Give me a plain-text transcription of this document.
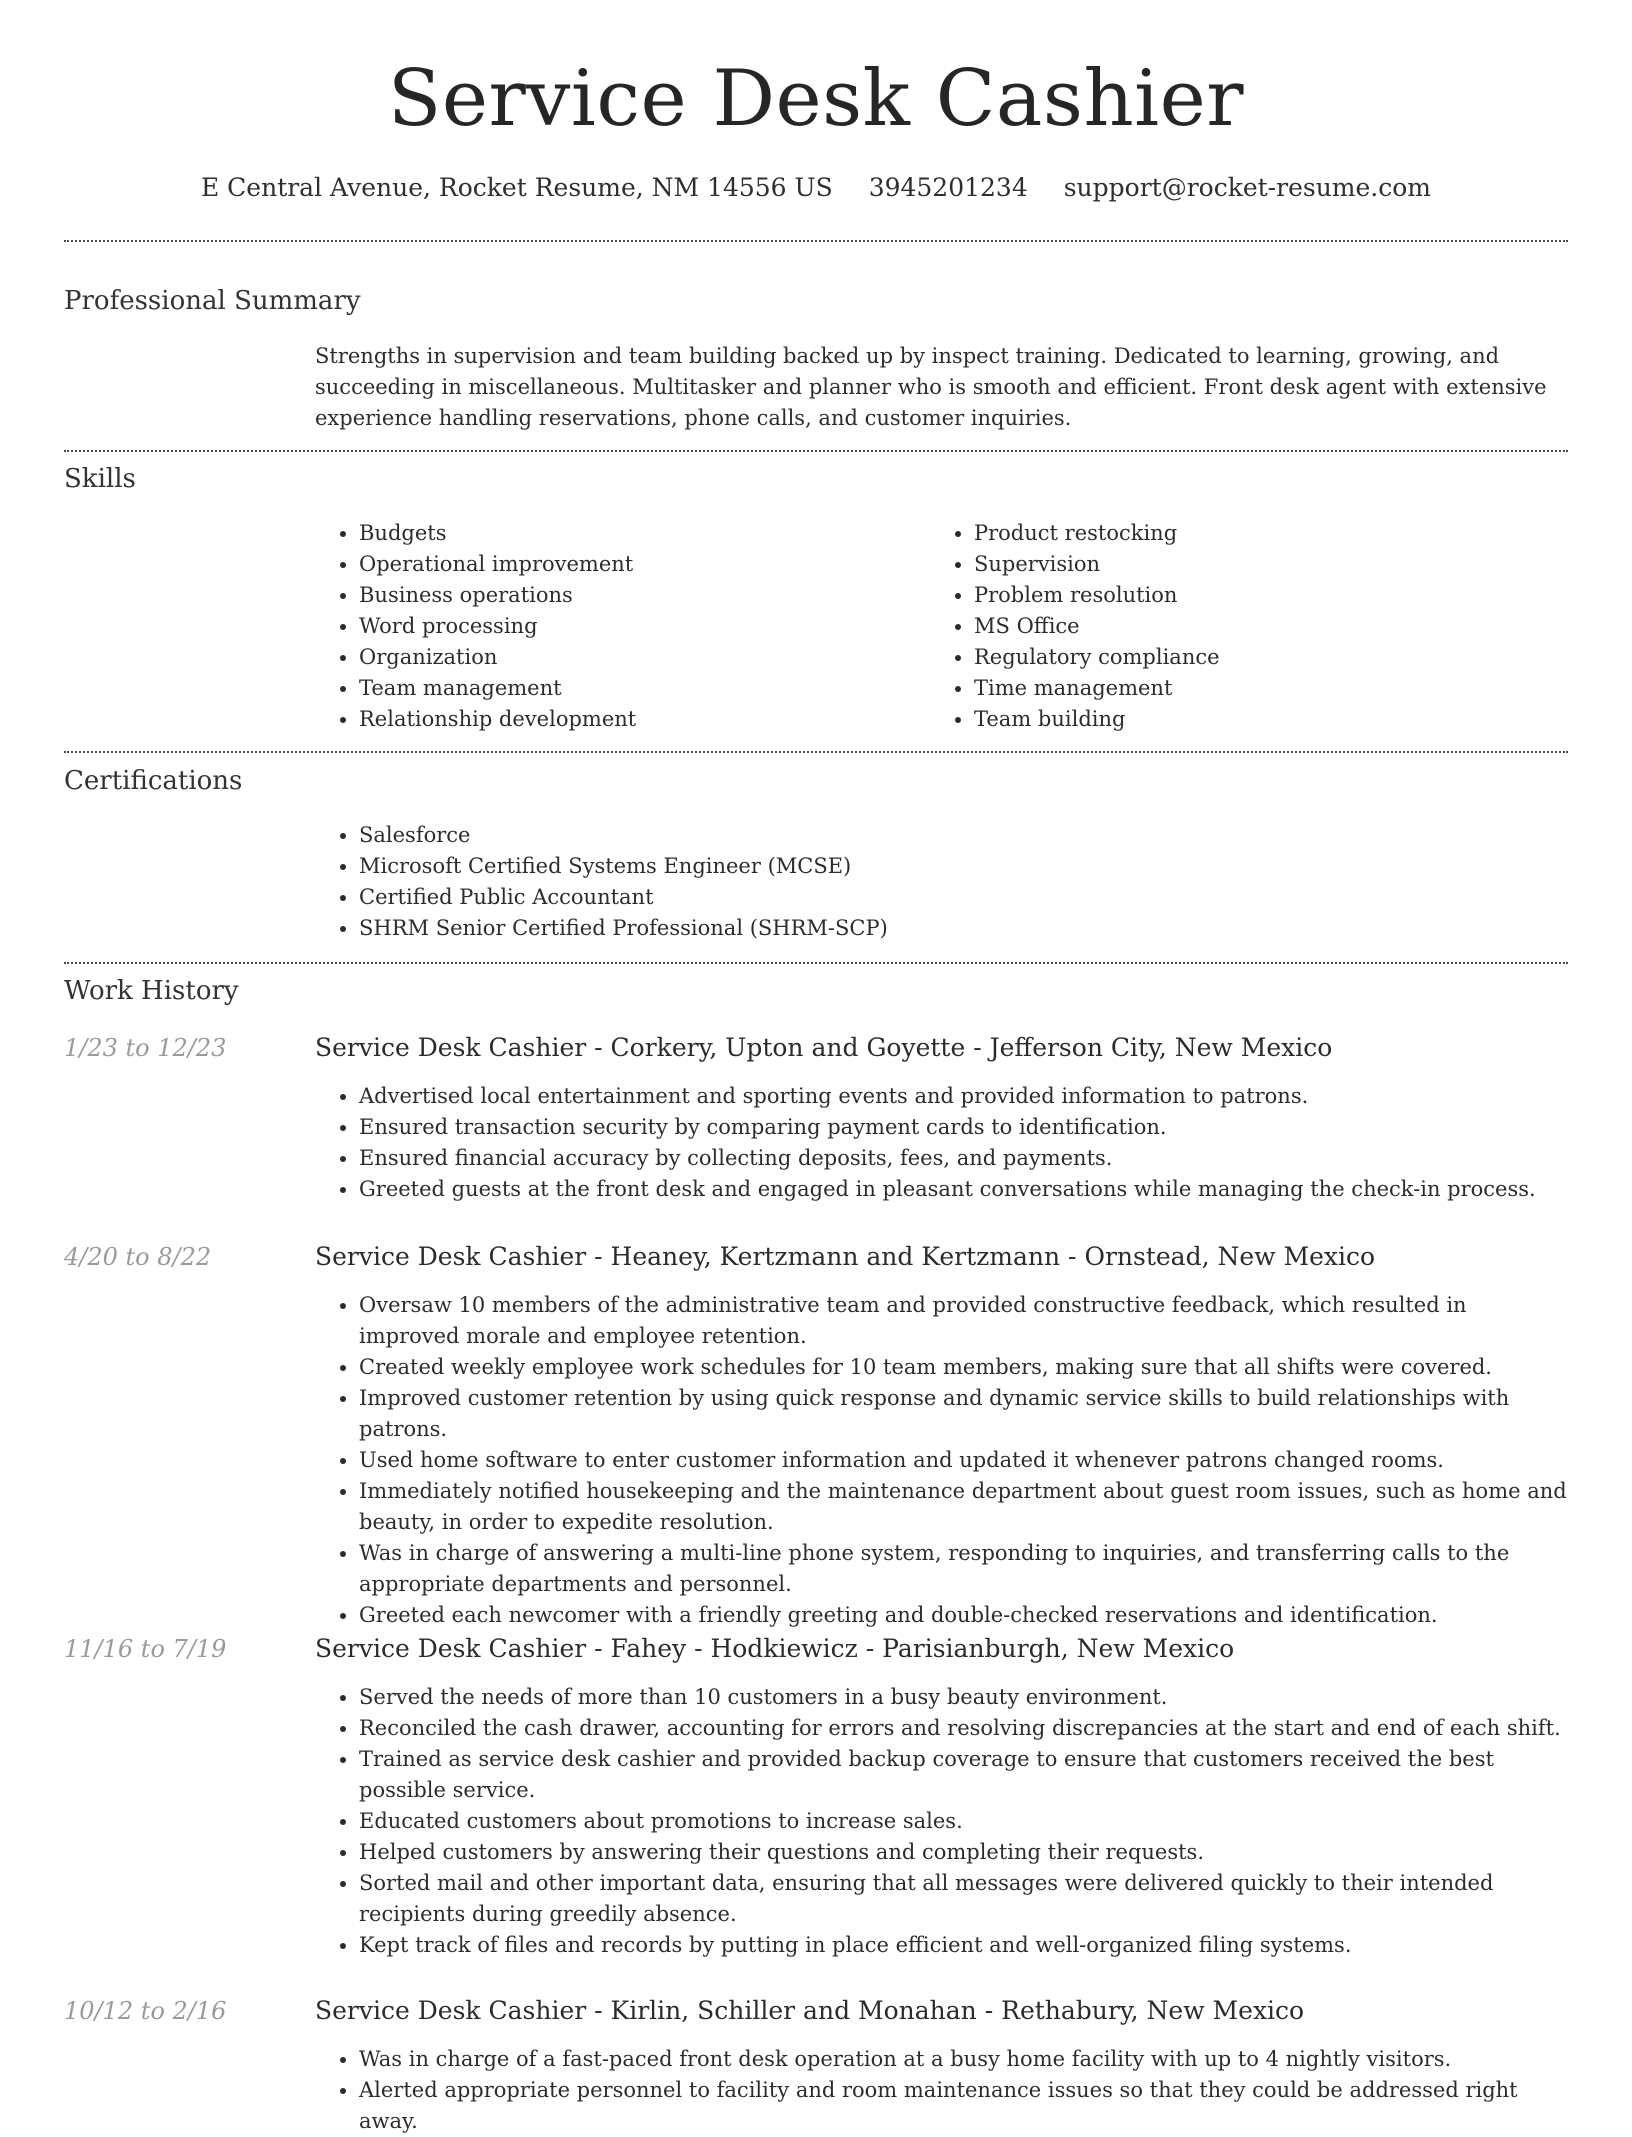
Service Desk Cashier
E Central Avenue, Rocket Resume, NM 14556 US 3945201234 support@rocket-resume.com
Professional Summary
Strengths in supervision and team building backed up by inspect training. Dedicated to learning, growing, and succeeding in miscellaneous. Multitasker and planner who is smooth and efficient. Front desk agent with extensive experience handling reservations, phone calls, and customer inquiries.
Skills
• Budgets
• Operational improvement
• Business operations
• Word processing
• Organization
• Team management
• Relationship development
• Product restocking
• Supervision
• Problem resolution
• MS Office
• Regulatory compliance
• Time management
• Team building
Certifications
• Salesforce
• Microsoft Certified Systems Engineer (MCSE)
• Certified Public Accountant
• SHRM Senior Certified Professional (SHRM-SCP)
Work History
1/23 to 12/23	Service Desk Cashier - Corkery, Upton and Goyette - Jefferson City, New Mexico
• Advertised local entertainment and sporting events and provided information to patrons.
• Ensured transaction security by comparing payment cards to identification.
• Ensured financial accuracy by collecting deposits, fees, and payments.
• Greeted guests at the front desk and engaged in pleasant conversations while managing the check-in process.
4/20 to 8/22	Service Desk Cashier - Heaney, Kertzmann and Kertzmann - Ornstead, New Mexico
• Oversaw 10 members of the administrative team and provided constructive feedback, which resulted in improved morale and employee retention.
• Created weekly employee work schedules for 10 team members, making sure that all shifts were covered.
• Improved customer retention by using quick response and dynamic service skills to build relationships with patrons.
• Used home software to enter customer information and updated it whenever patrons changed rooms.
• Immediately notified housekeeping and the maintenance department about guest room issues, such as home and beauty, in order to expedite resolution.
• Was in charge of answering a multi-line phone system, responding to inquiries, and transferring calls to the appropriate departments and personnel.
• Greeted each newcomer with a friendly greeting and double-checked reservations and identification.
11/16 to 7/19	Service Desk Cashier - Fahey - Hodkiewicz - Parisianburgh, New Mexico
• Served the needs of more than 10 customers in a busy beauty environment.
• Reconciled the cash drawer, accounting for errors and resolving discrepancies at the start and end of each shift.
• Trained as service desk cashier and provided backup coverage to ensure that customers received the best possible service.
• Educated customers about promotions to increase sales.
• Helped customers by answering their questions and completing their requests.
• Sorted mail and other important data, ensuring that all messages were delivered quickly to their intended recipients during greedily absence.
• Kept track of files and records by putting in place efficient and well-organized filing systems.
10/12 to 2/16	Service Desk Cashier - Kirlin, Schiller and Monahan - Rethabury, New Mexico
• Was in charge of a fast-paced front desk operation at a busy home facility with up to 4 nightly visitors.
• Alerted appropriate personnel to facility and room maintenance issues so that they could be addressed right away.
